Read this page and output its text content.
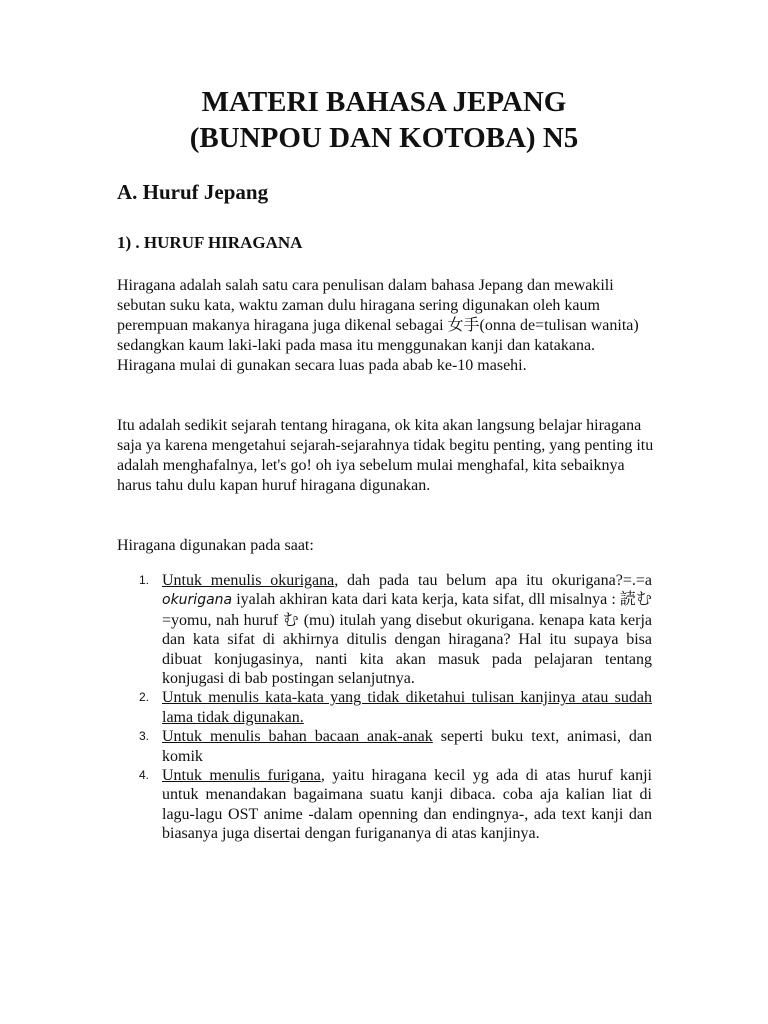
MATERI BAHASA JEPANG
(BUNPOU DAN KOTOBA) N5
A. Huruf Jepang
1) . HURUF HIRAGANA

Hiragana adalah salah satu cara penulisan dalam bahasa Jepang dan mewakili sebutan suku kata, waktu zaman dulu hiragana sering digunakan oleh kaum perempuan makanya hiragana juga dikenal sebagai 女手(onna de=tulisan wanita) sedangkan kaum laki-laki pada masa itu menggunakan kanji dan katakana. Hiragana mulai di gunakan secara luas pada abab ke-10 masehi.

Itu adalah sedikit sejarah tentang hiragana, ok kita akan langsung belajar hiragana saja ya karena mengetahui sejarah-sejarahnya tidak begitu penting, yang penting itu adalah menghafalnya, let's go! oh iya sebelum mulai menghafal, kita sebaiknya harus tahu dulu kapan huruf hiragana digunakan.

Hiragana digunakan pada saat:

1. Untuk menulis okurigana, dah pada tau belum apa itu okurigana?=.=a okurigana iyalah akhiran kata dari kata kerja, kata sifat, dll misalnya : 読む=yomu, nah huruf む (mu) itulah yang disebut okurigana. kenapa kata kerja dan kata sifat di akhirnya ditulis dengan hiragana? Hal itu supaya bisa dibuat konjugasinya, nanti kita akan masuk pada pelajaran tentang konjugasi di bab postingan selanjutnya.
2. Untuk menulis kata-kata yang tidak diketahui tulisan kanjinya atau sudah lama tidak digunakan.
3. Untuk menulis bahan bacaan anak-anak seperti buku text, animasi, dan komik
4. Untuk menulis furigana, yaitu hiragana kecil yg ada di atas huruf kanji untuk menandakan bagaimana suatu kanji dibaca. coba aja kalian liat di lagu-lagu OST anime -dalam openning dan endingnya-, ada text kanji dan biasanya juga disertai dengan furigananya di atas kanjinya.
